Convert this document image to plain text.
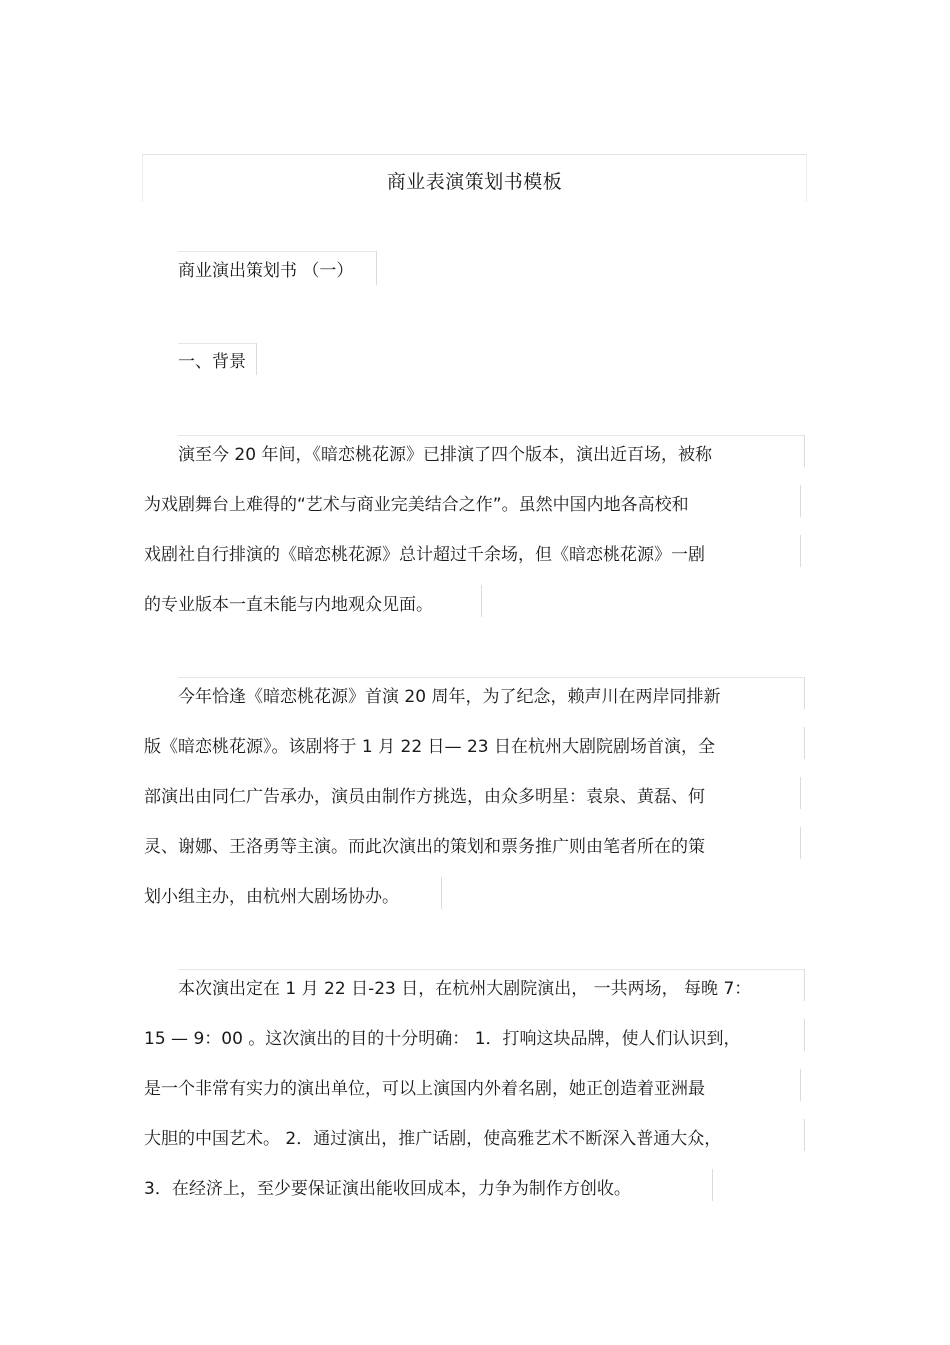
商业表演策划书模板
商业演出策划书 （一）
一、背景
演至今 20 年间，《暗恋桃花源》已排演了四个版本，演出近百场，被称
为戏剧舞台上难得的“艺术与商业完美结合之作”。虽然中国内地各高校和
戏剧社自行排演的《暗恋桃花源》总计超过千余场，但《暗恋桃花源》一剧
的专业版本一直未能与内地观众见面。
今年恰逢《暗恋桃花源》首演 20 周年，为了纪念，赖声川在两岸同排新
版《暗恋桃花源》。该剧将于 1 月 22 日— 23 日在杭州大剧院剧场首演，全
部演出由同仁广告承办，演员由制作方挑选，由众多明星：袁泉、黄磊、何
灵、谢娜、王洛勇等主演。而此次演出的策划和票务推广则由笔者所在的策
划小组主办，由杭州大剧场协办。
本次演出定在 1 月 22 日-23 日，在杭州大剧院演出， 一共两场， 每晚 7：
15 — 9：00 。这次演出的目的十分明确： 1．打响这块品牌，使人们认识到，
是一个非常有实力的演出单位，可以上演国内外着名剧，她正创造着亚洲最
大胆的中国艺术。 2．通过演出，推广话剧，使高雅艺术不断深入普通大众，
3．在经济上，至少要保证演出能收回成本，力争为制作方创收。
